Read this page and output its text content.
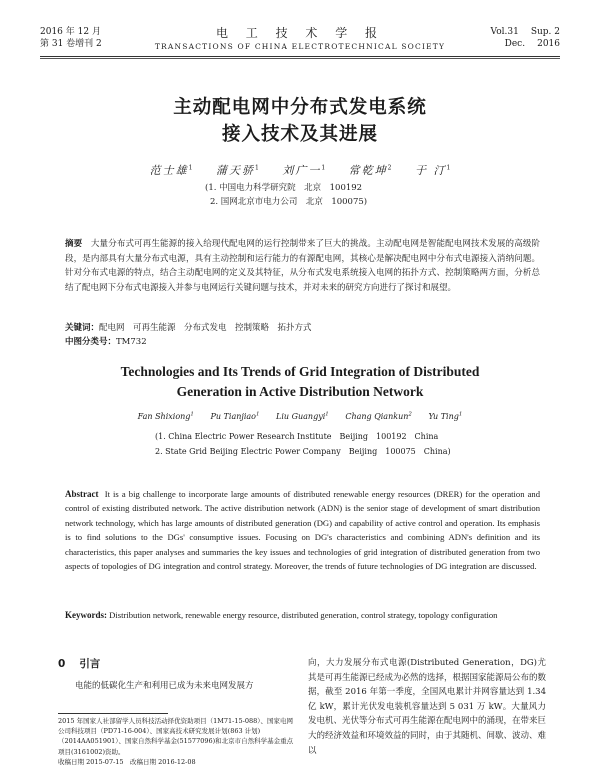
2016 年 12 月
第 31 卷增刊 2
电 工 技 术 学 报
TRANSACTIONS OF CHINA ELECTROTECHNICAL SOCIETY
Vol.31 Sup. 2
Dec. 2016
主动配电网中分布式发电系统
接入技术及其进展
范士雄$^1$ 蒲天骄$^1$ 刘广一$^1$ 常乾坤$^2$ 于 汀$^1$
(1. 中国电力科学研究院　北京　100192
2. 国网北京市电力公司　北京　100075)
摘要　 大量分布式可再生能源的接入给现代配电网的运行控制带来了巨大的挑战。主动配电网是智能配电网技术发展的高级阶段，是内部具有大量分布式电源，具有主动控制和运行能力的有源配电网，其核心是解决配电网中分布式电源接入消纳问题。针对分布式电源的特点，结合主动配电网的定义及其特征，从分布式发电系统接入电网的拓扑方式、控制策略两方面，分析总结了配电网下分布式电源接入并参与电网运行关键问题与技术，并对未来的研究方向进行了探讨和展望。
关键词：配电网　可再生能源　分布式发电　控制策略　拓扑方式
中图分类号：TM732
Technologies and Its Trends of Grid Integration of Distributed
Generation in Active Distribution Network
Fan Shixiong$^1$ Pu Tianjiao$^1$ Liu Guangyi$^1$ Chang Qiankun$^2$ Yu Ting$^1$
(1. China Electric Power Research Institute　Beijing　100192　China
2. State Grid Beijing Electric Power Company　Beijing　100075　China)
Abstract It is a big challenge to incorporate large amounts of distributed renewable energy resources (DRER) for the operation and control of existing distributed network. The active distribution network (ADN) is the senior stage of development of smart distribution network technology, which has large amounts of distributed generation (DG) and capability of active control and operation. Its emphasis is to find solutions to the DGs' consumptive issues. Focusing on DG's characteristics and combining ADN's definition and its characteristics, this paper analyses and summaries the key issues and technologies of grid integration of distributed generation from two aspects of topologies of DG integration and control strategy. Moreover, the trends of future technologies of DG integration are discussed.
Keywords: Distribution network, renewable energy resource, distributed generation, control strategy, topology configuration
0 引言
电能的低碳化生产和利用已成为未来电网发展方
2015 年国家人社部留学人员科技活动择优资助项目（1M71-15-088）、国家电网公司科技项目（PD71-16-004）、国家高技术研究发展计划(863 计划)（2014AA051901）、国家自然科学基金(51577096)和北京市自然科学基金重点项目(3161002)资助。
收稿日期 2015-07-15　改稿日期 2016-12-08
向，大力发展分布式电源(Distributed Generation，DG)尤其是可再生能源已经成为必然的选择，根据国家能源局公布的数据，截至 2016 年第一季度，全国风电累计并网容量达到 1.34 亿 kW，累计光伏发电装机容量达到 5 031 万 kW。大量风力发电机、光伏等分布式可再生能源在配电网中的涌现，在带来巨大的经济效益和环境效益的同时，由于其随机、间歇、波动、难以
